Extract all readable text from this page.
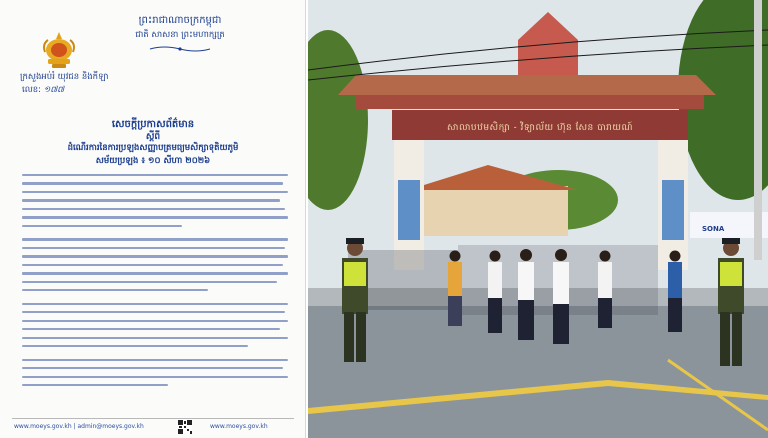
ព្រះរាជាណាចក្រកម្ពុជា
ជាតិ សាសនា ព្រះមហាក្សត្រ
ក្រសួងអប់រំ យុវជន និងកីឡា
លេខ: ១៧៧
សេចក្តីប្រកាសព័ត៌មាន
ស្តីពី
ដំណើរការនៃការប្រឡងសញ្ញាបត្រមធ្យមសិក្សាទុតិយភូមិ
សម័យប្រឡង ៖ ១០ សីហា ២០២៦
www.moeys.gov.kh | admin@moeys.gov.kh	www.moeys.gov.kh
សាលាបឋមសិក្សា - វិទ្យាល័យ ហ៊ុន សែន បារាយណ៍
SONA
